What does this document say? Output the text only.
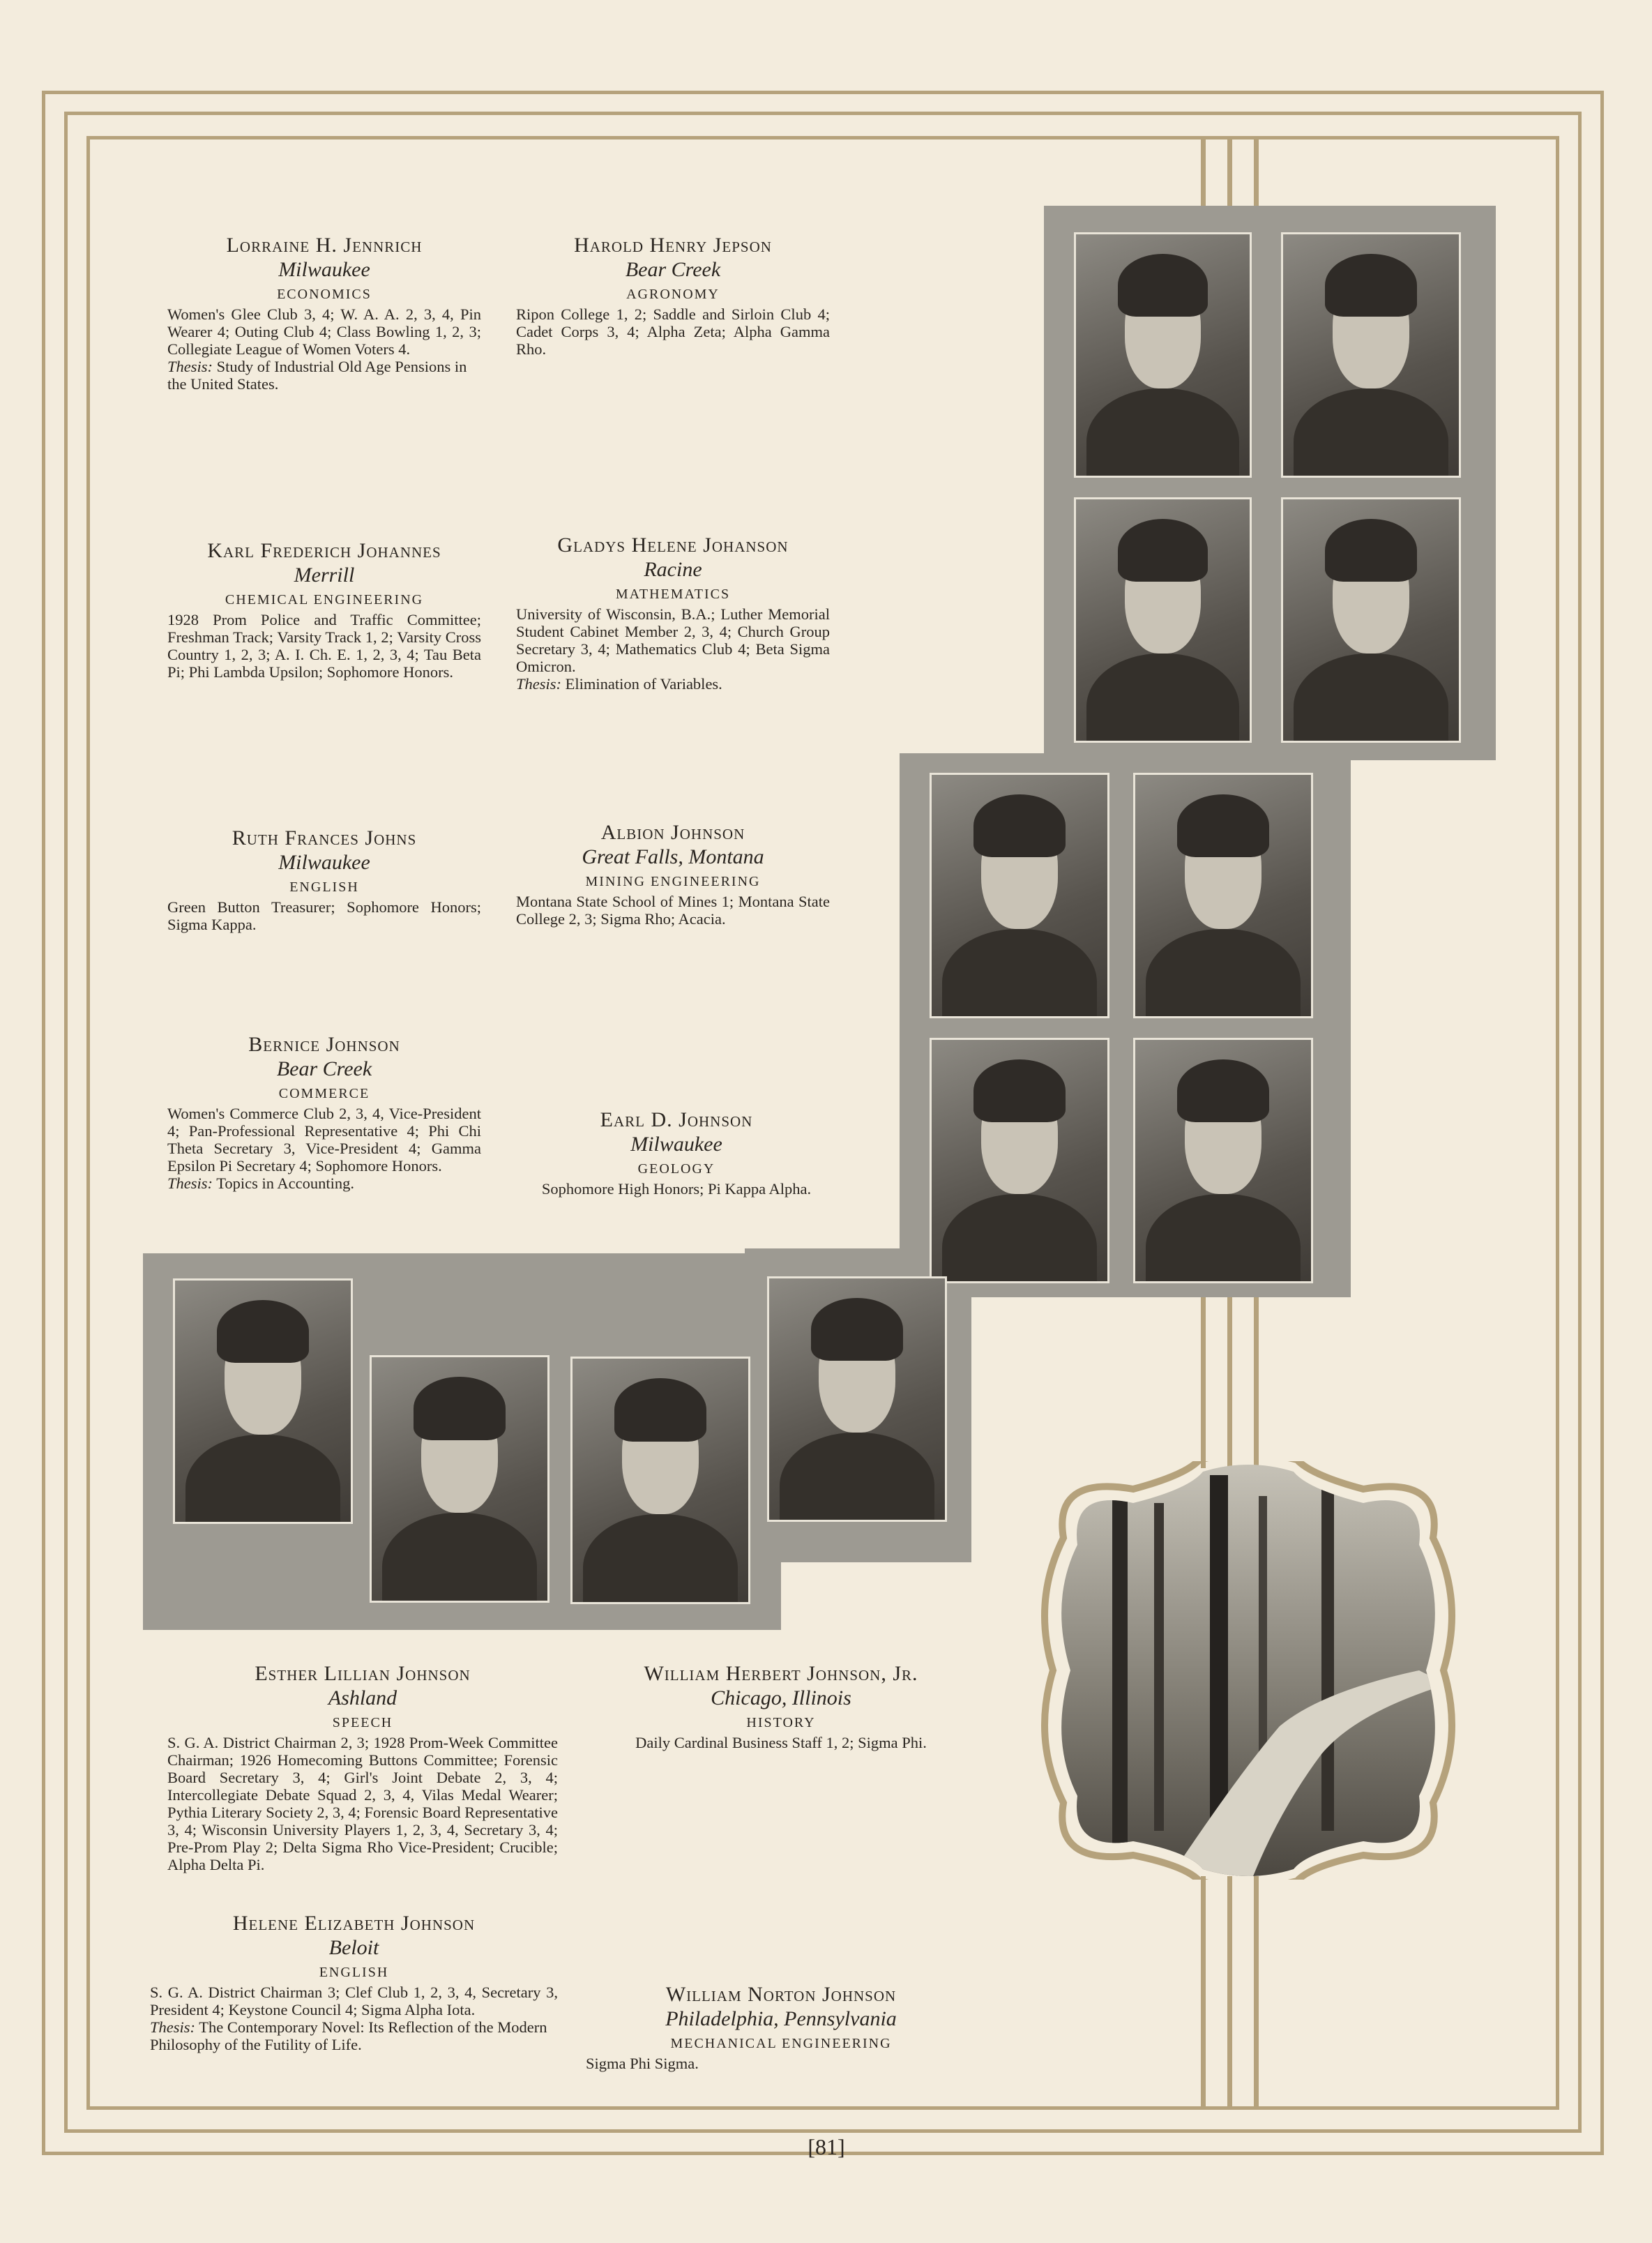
Lorraine H. Jennrich
Milwaukee
ECONOMICS
Women's Glee Club 3, 4; W. A. A. 2, 3, 4, Pin Wearer 4; Outing Club 4; Class Bowling 1, 2, 3; Collegiate League of Women Voters 4.
Thesis: Study of Industrial Old Age Pensions in the United States.
Harold Henry Jepson
Bear Creek
AGRONOMY
Ripon College 1, 2; Saddle and Sirloin Club 4; Cadet Corps 3, 4; Alpha Zeta; Alpha Gamma Rho.
Karl Frederich Johannes
Merrill
CHEMICAL ENGINEERING
1928 Prom Police and Traffic Committee; Freshman Track; Varsity Track 1, 2; Varsity Cross Country 1, 2, 3; A. I. Ch. E. 1, 2, 3, 4; Tau Beta Pi; Phi Lambda Upsilon; Sophomore Honors.
Gladys Helene Johanson
Racine
MATHEMATICS
University of Wisconsin, B.A.; Luther Memorial Student Cabinet Member 2, 3, 4; Church Group Secretary 3, 4; Mathematics Club 4; Beta Sigma Omicron.
Thesis: Elimination of Variables.
Ruth Frances Johns
Milwaukee
ENGLISH
Green Button Treasurer; Sophomore Honors; Sigma Kappa.
Albion Johnson
Great Falls, Montana
MINING ENGINEERING
Montana State School of Mines 1; Montana State College 2, 3; Sigma Rho; Acacia.
Bernice Johnson
Bear Creek
COMMERCE
Women's Commerce Club 2, 3, 4, Vice-President 4; Pan-Professional Representative 4; Phi Chi Theta Secretary 3, Vice-President 4; Gamma Epsilon Pi Secretary 4; Sophomore Honors.
Thesis: Topics in Accounting.
Earl D. Johnson
Milwaukee
GEOLOGY
Sophomore High Honors; Pi Kappa Alpha.
Esther Lillian Johnson
Ashland
SPEECH
S. G. A. District Chairman 2, 3; 1928 Prom-Week Committee Chairman; 1926 Homecoming Buttons Committee; Forensic Board Secretary 3, 4; Girl's Joint Debate 2, 3, 4; Intercollegiate Debate Squad 2, 3, 4, Vilas Medal Wearer; Pythia Literary Society 2, 3, 4; Forensic Board Representative 3, 4; Wisconsin University Players 1, 2, 3, 4, Secretary 3, 4; Pre-Prom Play 2; Delta Sigma Rho Vice-President; Crucible; Alpha Delta Pi.
William Herbert Johnson, Jr.
Chicago, Illinois
HISTORY
Daily Cardinal Business Staff 1, 2; Sigma Phi.
Helene Elizabeth Johnson
Beloit
ENGLISH
S. G. A. District Chairman 3; Clef Club 1, 2, 3, 4, Secretary 3, President 4; Keystone Council 4; Sigma Alpha Iota.
Thesis: The Contemporary Novel: Its Reflection of the Modern Philosophy of the Futility of Life.
William Norton Johnson
Philadelphia, Pennsylvania
MECHANICAL ENGINEERING
Sigma Phi Sigma.
[81]
